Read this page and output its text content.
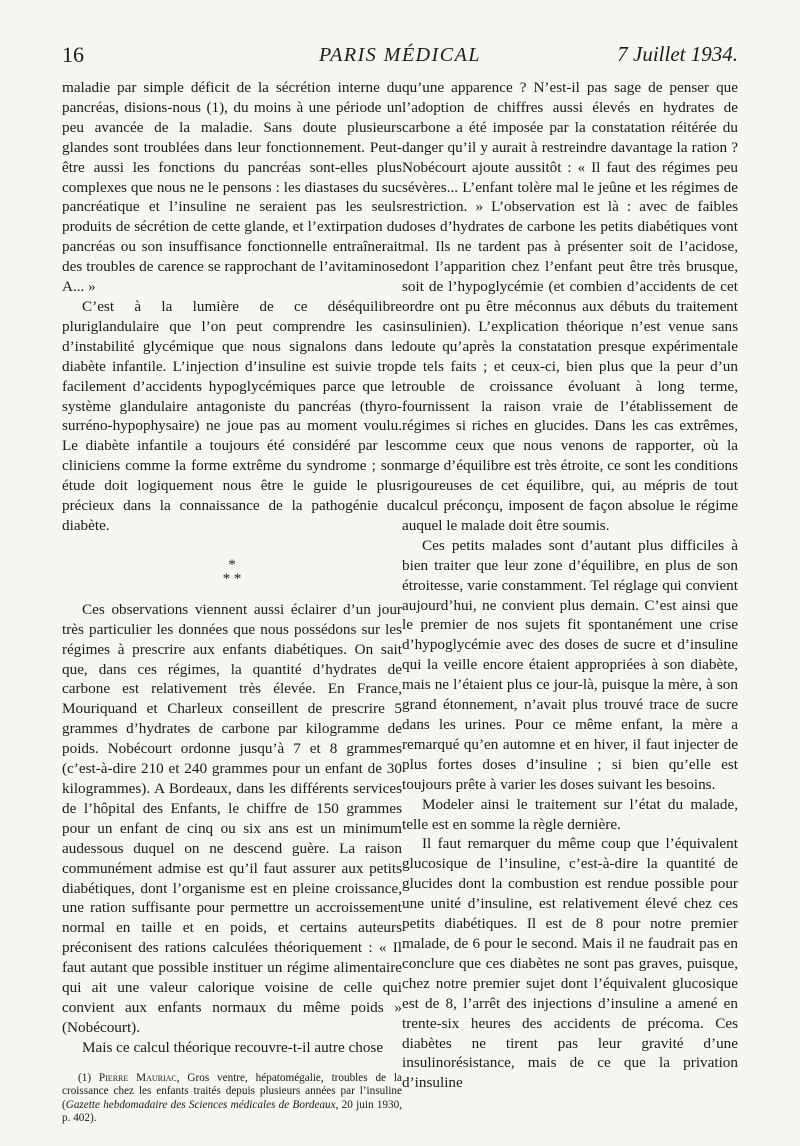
16	PARIS MÉDICAL	7 Juillet 1934.

maladie par simple déficit de la sécrétion interne du pancréas, disions-nous (1), du moins à une période un peu avancée de la maladie. Sans doute plusieurs glandes sont troublées dans leur fonctionnement. Peut-être aussi les fonctions du pancréas sont-elles plus complexes que nous ne le pensons : les diastases du suc pancréatique et l’insuline ne seraient pas les seuls produits de sécrétion de cette glande, et l’extirpation du pancréas ou son insuffisance fonctionnelle entraînerait des troubles de carence se rapprochant de l’avitaminose A... »

C’est à la lumière de ce déséquilibre pluriglandulaire que l’on peut comprendre les cas d’instabilité glycémique que nous signalons dans le diabète infantile. L’injection d’insuline est suivie trop facilement d’accidents hypoglycémiques parce que le système glandulaire antagoniste du pancréas (thyro-surréno-hypophysaire) ne joue pas au moment voulu. Le diabète infantile a toujours été considéré par les cliniciens comme la forme extrême du syndrome ; son étude doit logiquement nous être le guide le plus précieux dans la connaissance de la pathogénie du diabète.

*
* *

Ces observations viennent aussi éclairer d’un jour très particulier les données que nous possédons sur les régimes à prescrire aux enfants diabétiques. On sait que, dans ces régimes, la quantité d’hydrates de carbone est relativement très élevée. En France, Mouriquand et Charleux conseillent de prescrire 5 grammes d’hydrates de carbone par kilogramme de poids. Nobécourt ordonne jusqu’à 7 et 8 grammes (c’est-à-dire 210 et 240 grammes pour un enfant de 30 kilogrammes). A Bordeaux, dans les différents services de l’hôpital des Enfants, le chiffre de 150 grammes pour un enfant de cinq ou six ans est un minimum audessous duquel on ne descend guère. La raison communément admise est qu’il faut assurer aux petits diabétiques, dont l’organisme est en pleine croissance, une ration suffisante pour permettre un accroissement normal en taille et en poids, et certains auteurs préconisent des rations calculées théoriquement : « Il faut autant que possible instituer un régime alimentaire qui ait une valeur calorique voisine de celle qui convient aux enfants normaux du même poids » (Nobécourt).

Mais ce calcul théorique recouvre-t-il autre chose

(1) Pierre Mauriac, Gros ventre, hépatomégalie, troubles de la croissance chez les enfants traités depuis plusieurs années par l’insuline (Gazette hebdomadaire des Sciences médicales de Bordeaux, 20 juin 1930, p. 402).

qu’une apparence ? N’est-il pas sage de penser que l’adoption de chiffres aussi élevés en hydrates de carbone a été imposée par la constatation réitérée du danger qu’il y aurait à restreindre davantage la ration ? Nobécourt ajoute aussitôt : « Il faut des régimes peu sévères... L’enfant tolère mal le jeûne et les régimes de restriction. » L’observation est là : avec de faibles doses d’hydrates de carbone les petits diabétiques vont mal. Ils ne tardent pas à présenter soit de l’acidose, dont l’apparition chez l’enfant peut être très brusque, soit de l’hypoglycémie (et combien d’accidents de cet ordre ont pu être méconnus aux débuts du traitement insulinien). L’explication théorique n’est venue sans doute qu’après la constatation presque expérimentale de tels faits ; et ceux-ci, bien plus que la peur d’un trouble de croissance évoluant à long terme, fournissent la raison vraie de l’établissement de régimes si riches en glucides. Dans les cas extrêmes, comme ceux que nous venons de rapporter, où la marge d’équilibre est très étroite, ce sont les conditions rigoureuses de cet équilibre, qui, au mépris de tout calcul préconçu, imposent de façon absolue le régime auquel le malade doit être soumis.

Ces petits malades sont d’autant plus difficiles à bien traiter que leur zone d’équilibre, en plus de son étroitesse, varie constamment. Tel réglage qui convient aujourd’hui, ne convient plus demain. C’est ainsi que le premier de nos sujets fit spontanément une crise d’hypoglycémie avec des doses de sucre et d’insuline qui la veille encore étaient appropriées à son diabète, mais ne l’étaient plus ce jour-là, puisque la mère, à son grand étonnement, n’avait plus trouvé trace de sucre dans les urines. Pour ce même enfant, la mère a remarqué qu’en automne et en hiver, il faut injecter de plus fortes doses d’insuline ; si bien qu’elle est toujours prête à varier les doses suivant les besoins.

Modeler ainsi le traitement sur l’état du malade, telle est en somme la règle dernière.

Il faut remarquer du même coup que l’équivalent glucosique de l’insuline, c’est-à-dire la quantité de glucides dont la combustion est rendue possible pour une unité d’insuline, est relativement élevé chez ces petits diabétiques. Il est de 8 pour notre premier malade, de 6 pour le second. Mais il ne faudrait pas en conclure que ces diabètes ne sont pas graves, puisque, chez notre premier sujet dont l’équivalent glucosique est de 8, l’arrêt des injections d’insuline a amené en trente-six heures des accidents de précoma. Ces diabètes ne tirent pas leur gravité d’une insulinorésistance, mais de ce que la privation d’insuline
